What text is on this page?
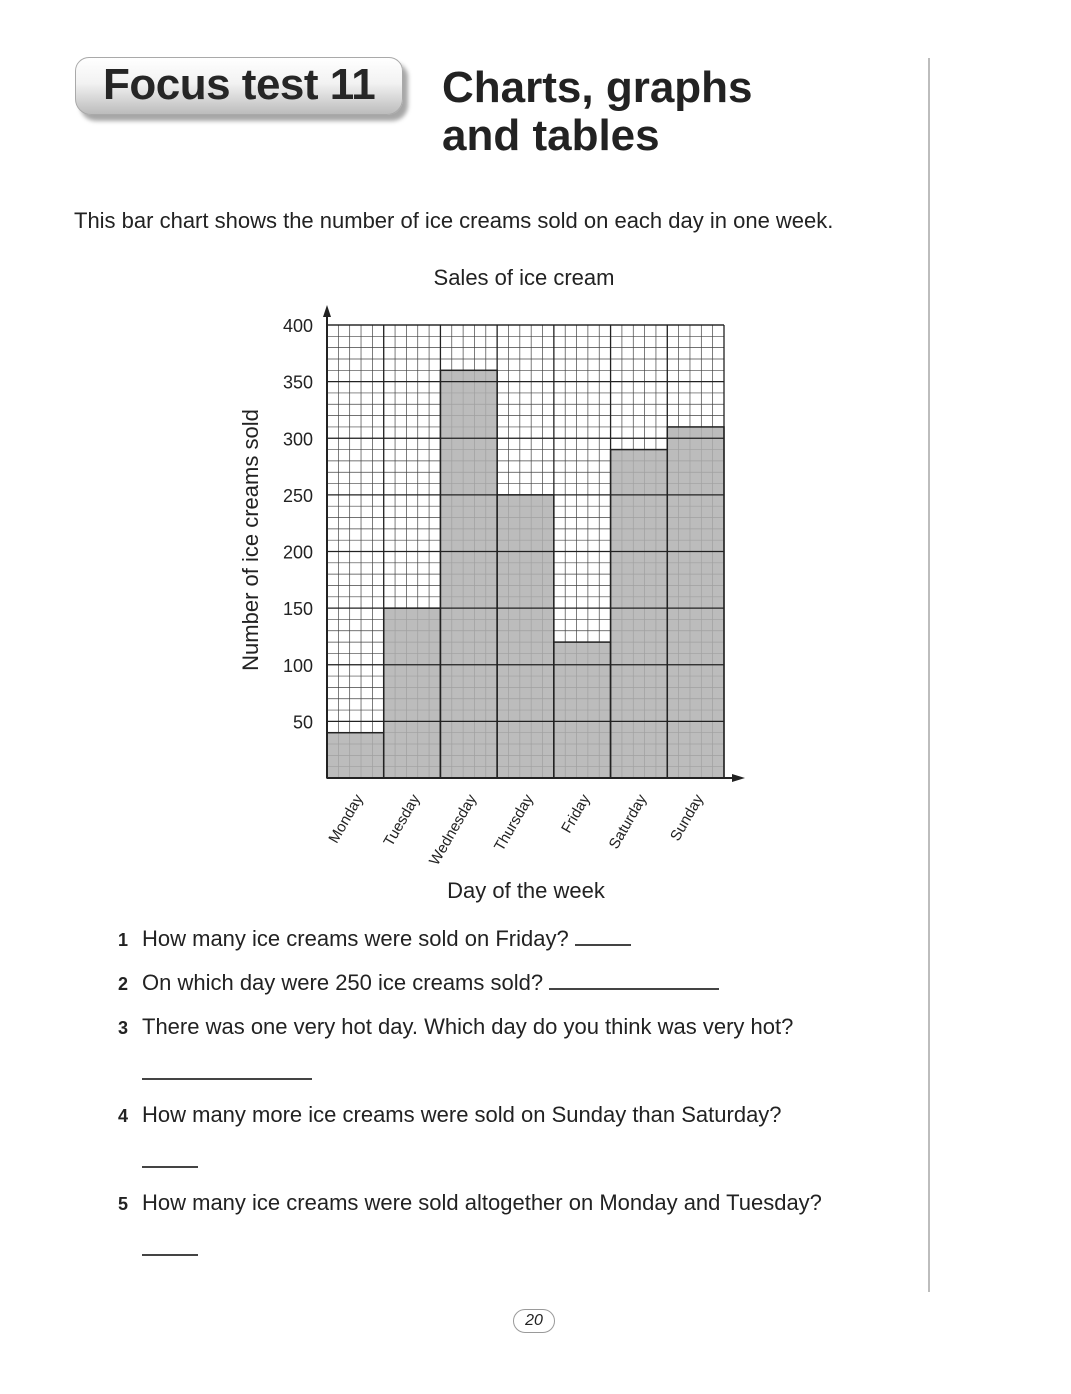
Focus test 11 Charts, graphs
and tables
This bar chart shows the number of ice creams sold on each day in one week.
Sales of ice cream
Number of ice creams sold
Day of the week
50
100
150
200
250
300
350
400
Monday Tuesday Wednesday Thursday Friday Saturday Sunday
1 How many ice creams were sold on Friday?
2 On which day were 250 ice creams sold?
3 There was one very hot day. Which day do you think was very hot?
4 How many more ice creams were sold on Sunday than Saturday?
5 How many ice creams were sold altogether on Monday and Tuesday?
20
